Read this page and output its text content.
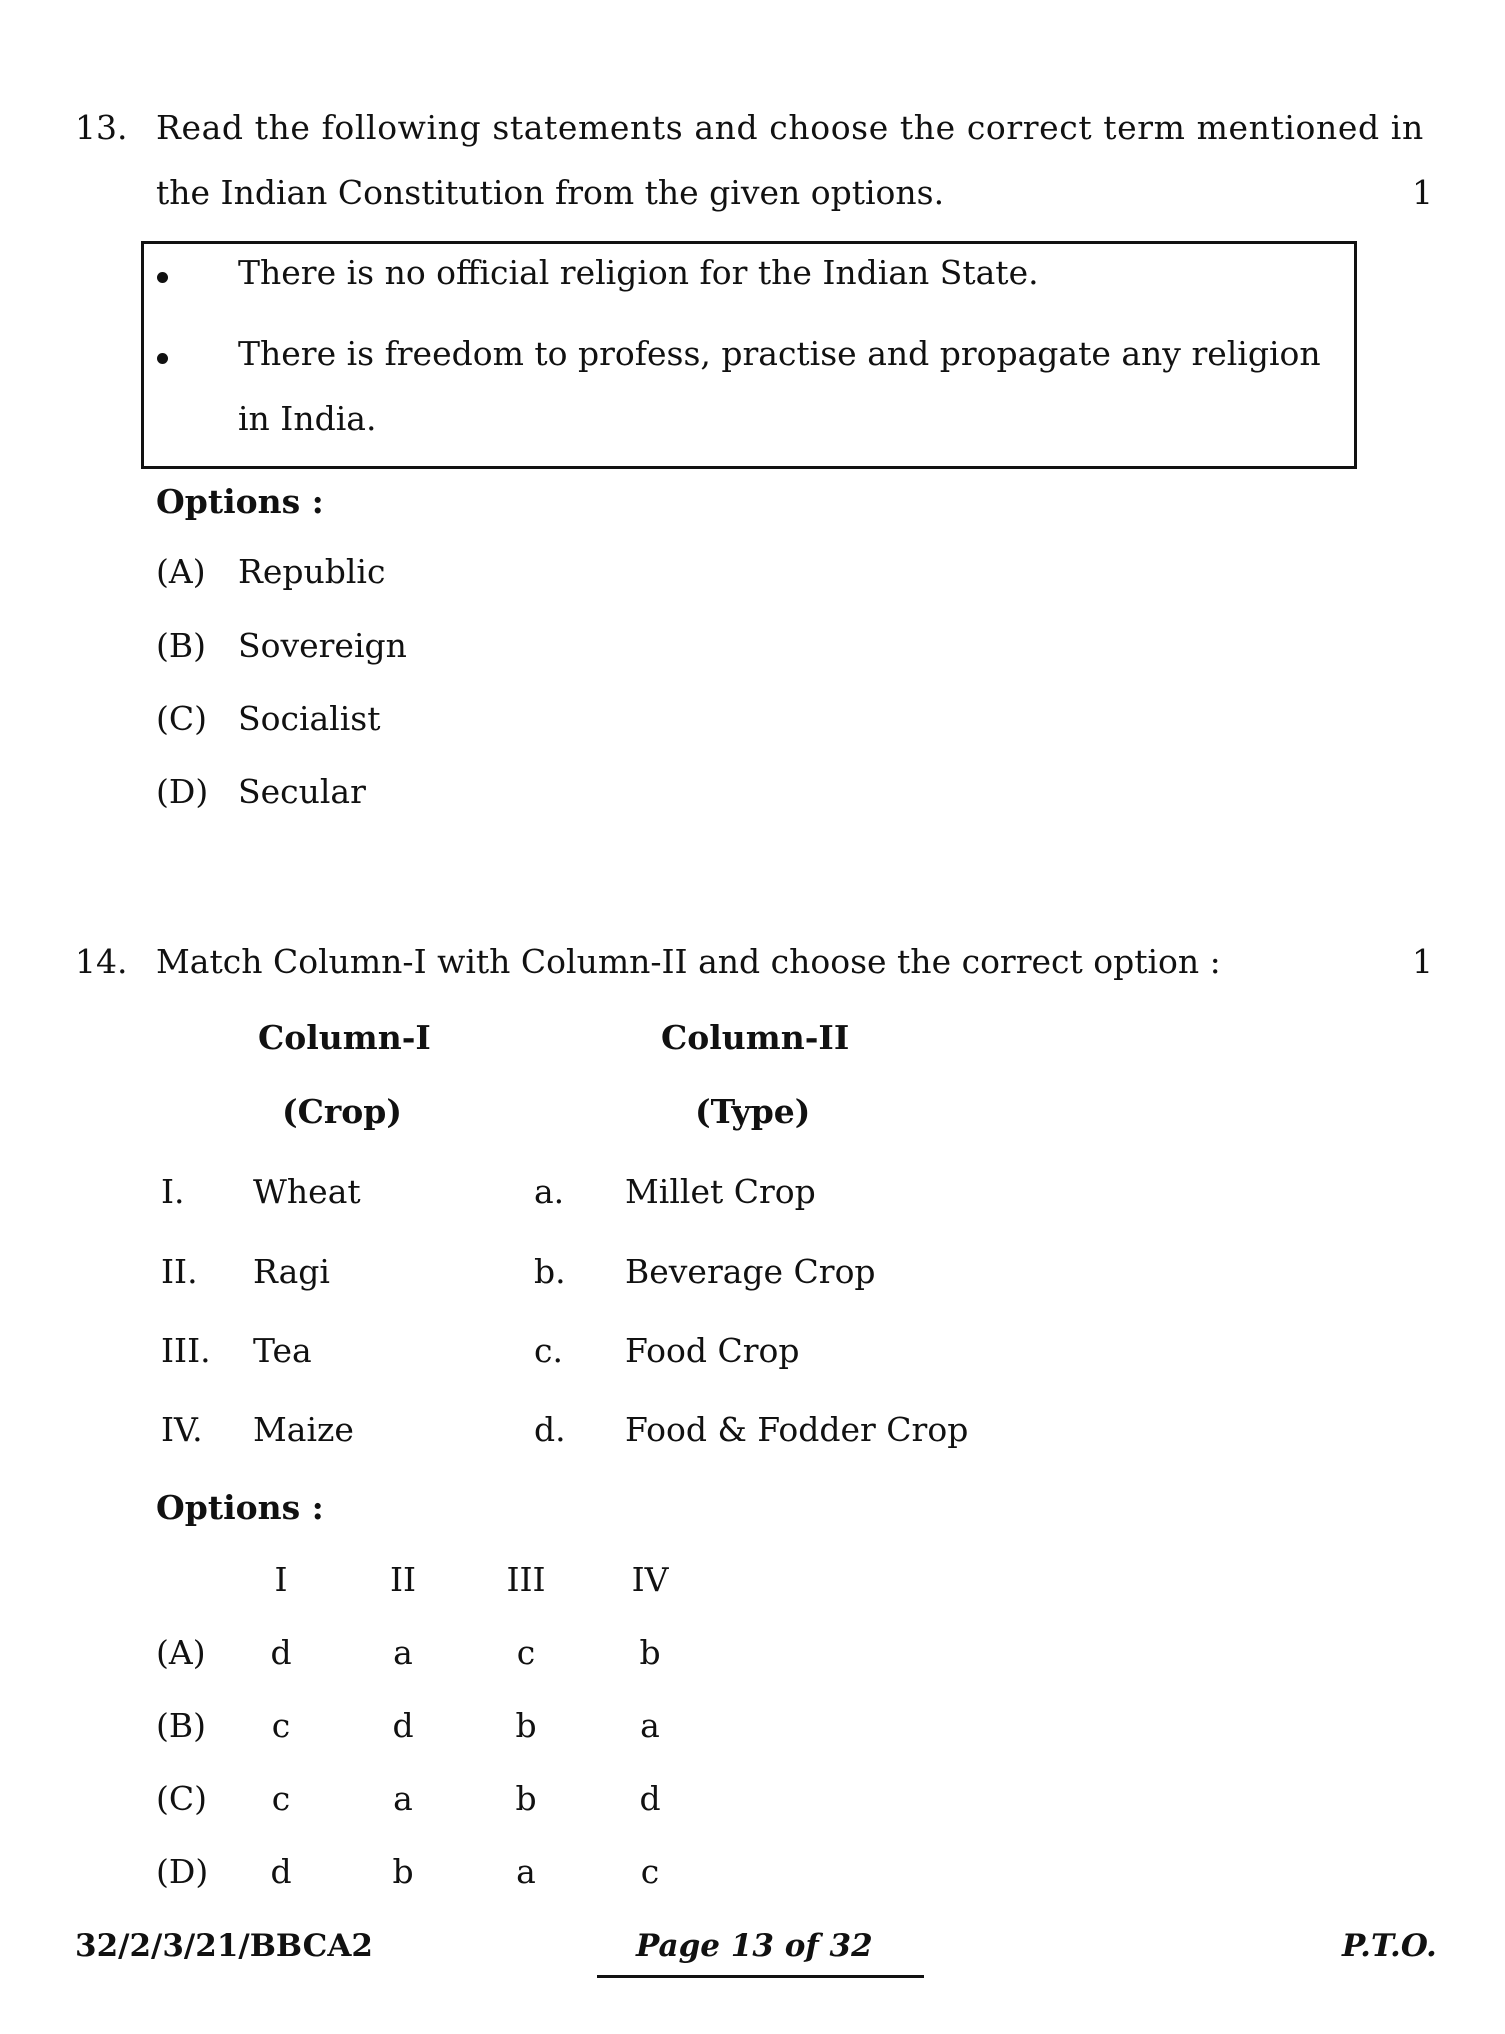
13. Read the following statements and choose the correct term mentioned in
the Indian Constitution from the given options.	1
There is no official religion for the Indian State.
There is freedom to profess, practise and propagate any religion
in India.
Options :
(A) Republic
(B) Sovereign
(C) Socialist
(D) Secular
14. Match Column-I with Column-II and choose the correct option :	1
Column-I
(Crop)
Column-II
(Type)
I. Wheat	a. Millet Crop
II. Ragi	b. Beverage Crop
III. Tea	c. Food Crop
IV. Maize	d. Food & Fodder Crop
Options :
I	II	III	IV
(A)	d	a	c	b
(B)	c	d	b	a
(C)	c	a	b	d
(D)	d	b	a	c
32/2/3/21/BBCA2	Page 13 of 32	P.T.O.
